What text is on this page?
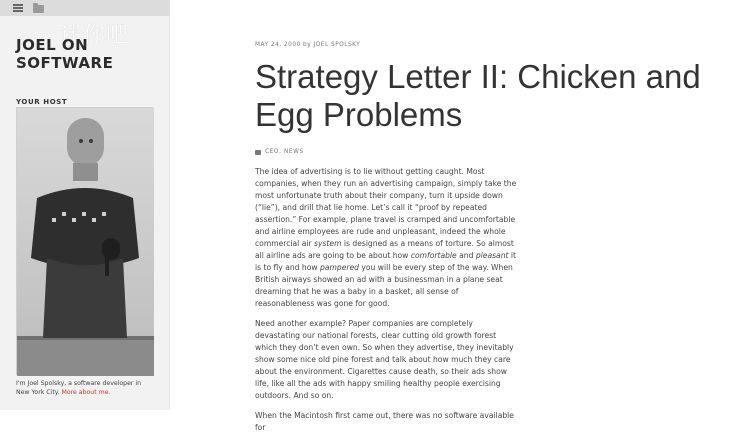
迷你吧
JOEL ON
SOFTWARE
YOUR HOST
I'm Joel Spolsky, a software developer in New York City. More about me.
MAY 24, 2000 by JOEL SPOLSKY
Strategy Letter II: Chicken and Egg Problems
CEO, NEWS

The idea of advertising is to lie without getting caught. Most companies, when they run an advertising campaign, simply take the most unfortunate truth about their company, turn it upside down (“lie”), and drill that lie home. Let’s call it “proof by repeated assertion.” For example, plane travel is cramped and uncomfortable and airline employees are rude and unpleasant, indeed the whole commercial air system is designed as a means of torture. So almost all airline ads are going to be about how comfortable and pleasant it is to fly and how pampered you will be every step of the way. When British airways showed an ad with a businessman in a plane seat dreaming that he was a baby in a basket, all sense of reasonableness was gone for good.

Need another example? Paper companies are completely devastating our national forests, clear cutting old growth forest which they don’t even own. So when they advertise, they inevitably show some nice old pine forest and talk about how much they care about the environment. Cigarettes cause death, so their ads show life, like all the ads with happy smiling healthy people exercising outdoors. And so on.

When the Macintosh first came out, there was no software available for
